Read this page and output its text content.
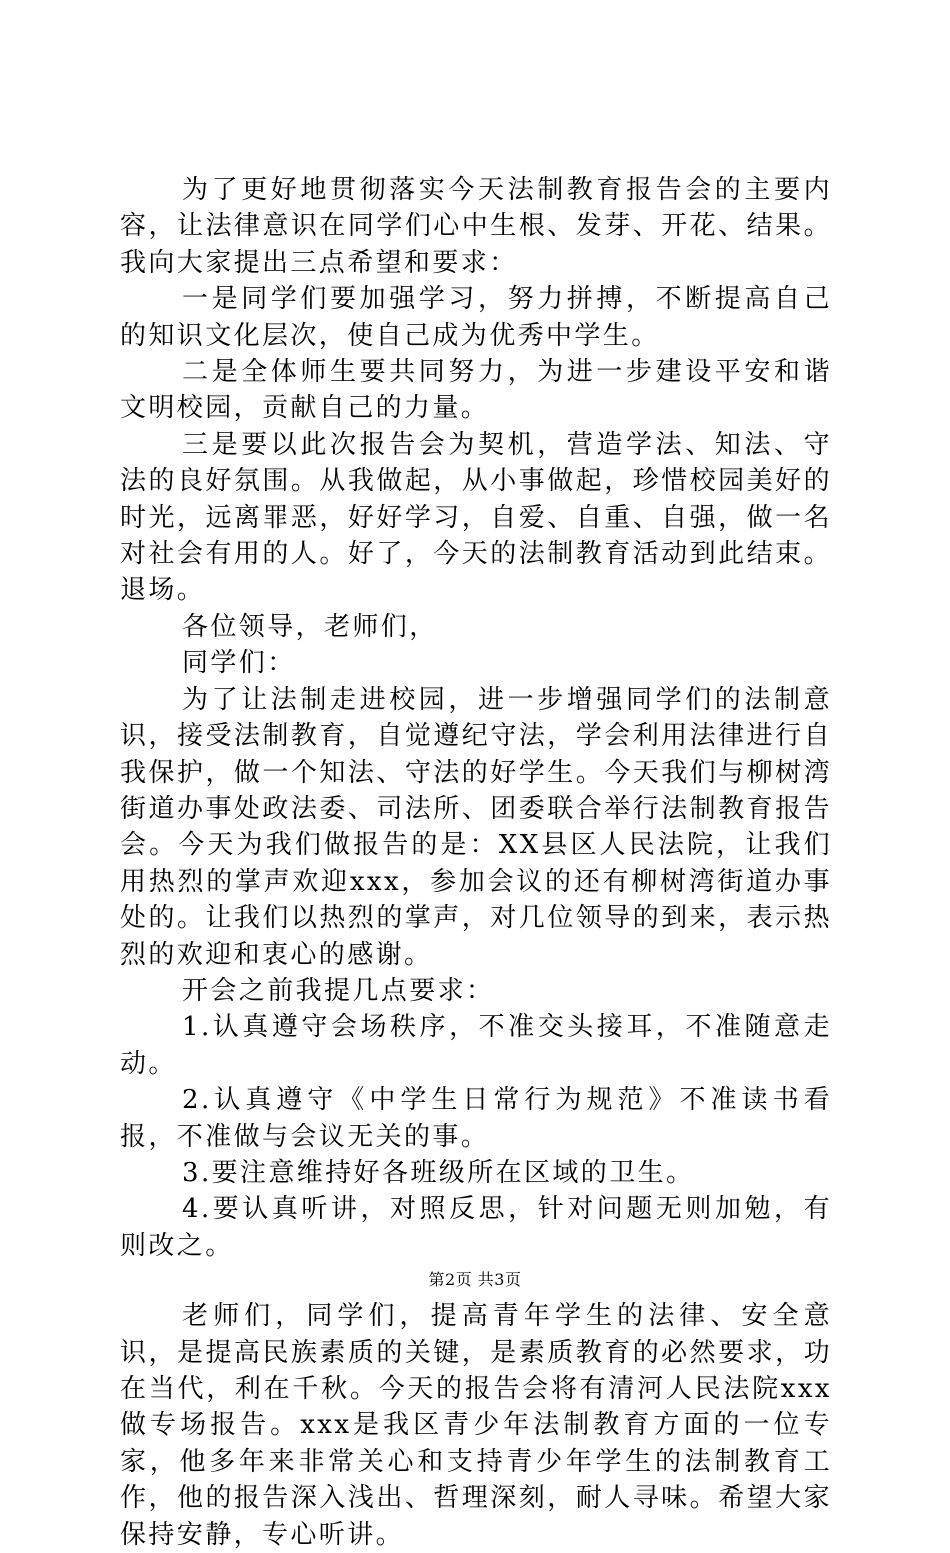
为了更好地贯彻落实今天法制教育报告会的主要内容，让法律意识在同学们心中生根、发芽、开花、结果。我向大家提出三点希望和要求：

一是同学们要加强学习，努力拼搏，不断提高自己的知识文化层次，使自己成为优秀中学生。

二是全体师生要共同努力，为进一步建设平安和谐文明校园，贡献自己的力量。

三是要以此次报告会为契机，营造学法、知法、守法的良好氛围。从我做起，从小事做起，珍惜校园美好的时光，远离罪恶，好好学习，自爱、自重、自强，做一名对社会有用的人。好了，今天的法制教育活动到此结束。退场。

各位领导，老师们，

同学们：

为了让法制走进校园，进一步增强同学们的法制意识，接受法制教育，自觉遵纪守法，学会利用法律进行自我保护，做一个知法、守法的好学生。今天我们与柳树湾街道办事处政法委、司法所、团委联合举行法制教育报告会。今天为我们做报告的是：XX县区人民法院，让我们用热烈的掌声欢迎xxx，参加会议的还有柳树湾街道办事处的。让我们以热烈的掌声，对几位领导的到来，表示热烈的欢迎和衷心的感谢。

开会之前我提几点要求：

1.认真遵守会场秩序，不准交头接耳，不准随意走动。

2.认真遵守《中学生日常行为规范》不准读书看报，不准做与会议无关的事。

3.要注意维持好各班级所在区域的卫生。

4.要认真听讲，对照反思，针对问题无则加勉，有则改之。

老师们，同学们，提高青年学生的法律、安全意识，是提高民族素质的关键，是素质教育的必然要求，功在当代，利在千秋。今天的报告会将有清河人民法院xxx做专场报告。xxx是我区青少年法制教育方面的一位专家，他多年来非常关心和支持青少年学生的法制教育工作，他的报告深入浅出、哲理深刻，耐人寻味。希望大家保持安静，专心听讲。

第2页 共3页
